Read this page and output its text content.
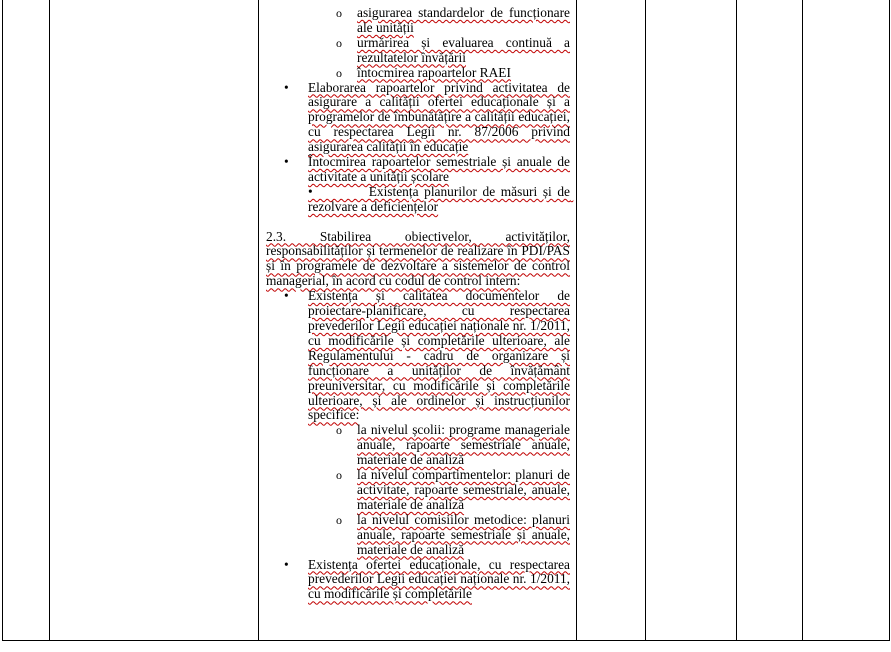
o asigurarea standardelor de funcționare ale unității
o urmărirea și evaluarea continuă a rezultatelor învățării
o întocmirea rapoartelor RAEI
• Elaborarea rapoartelor privind activitatea de asigurare a calității ofertei educaționale și a programelor de îmbunătățire a calității educației, cu respectarea Legii nr. 87/2006 privind asigurarea calității în educație
• Întocmirea rapoartelor semestriale și anuale de activitate a unității școlare
•          Existența planurilor de măsuri și de rezolvare a deficiențelor

2.3. Stabilirea obiectivelor, activităților, responsabilităților și termenelor de realizare în PDI/PAS și în programele de dezvoltare a sistemelor de control managerial, în acord cu codul de control intern:

• Existența și calitatea documentelor de proiectare-planificare, cu respectarea prevederilor Legii educației naționale nr. 1/2011, cu modificările și completările ulterioare, ale Regulamentului - cadru de organizare și funcționare a unităților de învățământ preuniversitar, cu modificările și completările ulterioare, și ale ordinelor și instrucțiunilor specifice:
o la nivelul școlii: programe manageriale anuale, rapoarte semestriale anuale, materiale de analiză
o la nivelul compartimentelor: planuri de activitate, rapoarte semestriale, anuale, materiale de analiză
o la nivelul comisiilor metodice: planuri anuale, rapoarte semestriale și anuale, materiale de analiză
• Existența ofertei educaționale, cu respectarea prevederilor Legii educației naționale nr. 1/2011, cu modificările și completările
